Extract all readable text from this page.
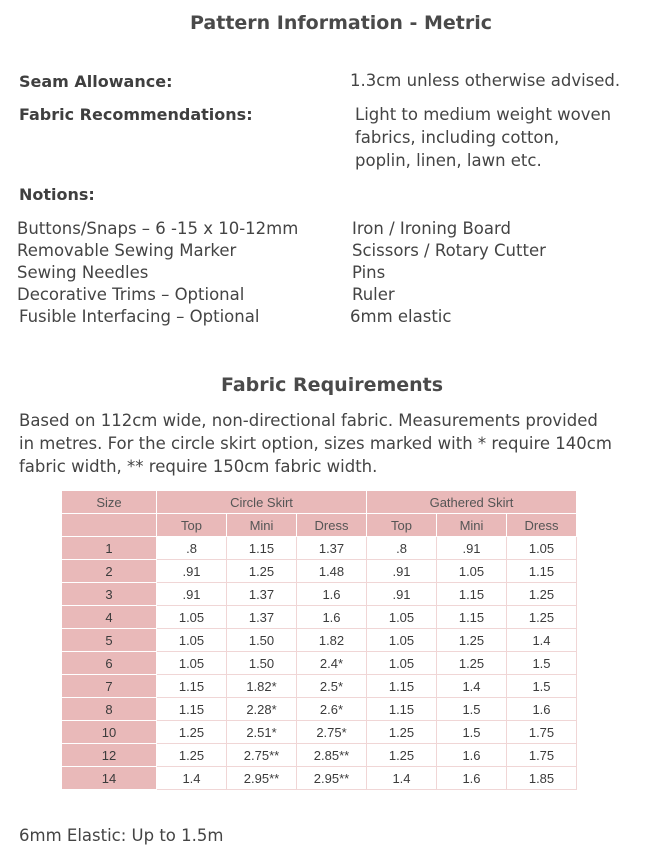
Pattern Information - Metric
Seam Allowance:	1.3cm unless otherwise advised.
Fabric Recommendations:	Light to medium weight woven
fabrics, including cotton,
poplin, linen, lawn etc.
Notions:
Buttons/Snaps – 6 -15 x 10-12mm
Removable Sewing Marker
Sewing Needles
Decorative Trims – Optional
Fusible Interfacing – Optional
Iron / Ironing Board
Scissors / Rotary Cutter
Pins
Ruler
6mm elastic
Fabric Requirements
Based on 112cm wide, non-directional fabric. Measurements provided
in metres. For the circle skirt option, sizes marked with * require 140cm
fabric width, ** require 150cm fabric width.
Size	Circle Skirt			Gathered Skirt		
	Top	Mini	Dress	Top	Mini	Dress
1	.8	1.15	1.37	.8	.91	1.05
2	.91	1.25	1.48	.91	1.05	1.15
3	.91	1.37	1.6	.91	1.15	1.25
4	1.05	1.37	1.6	1.05	1.15	1.25
5	1.05	1.50	1.82	1.05	1.25	1.4
6	1.05	1.50	2.4*	1.05	1.25	1.5
7	1.15	1.82*	2.5*	1.15	1.4	1.5
8	1.15	2.28*	2.6*	1.15	1.5	1.6
10	1.25	2.51*	2.75*	1.25	1.5	1.75
12	1.25	2.75**	2.85**	1.25	1.6	1.75
14	1.4	2.95**	2.95**	1.4	1.6	1.85
6mm Elastic: Up to 1.5m
